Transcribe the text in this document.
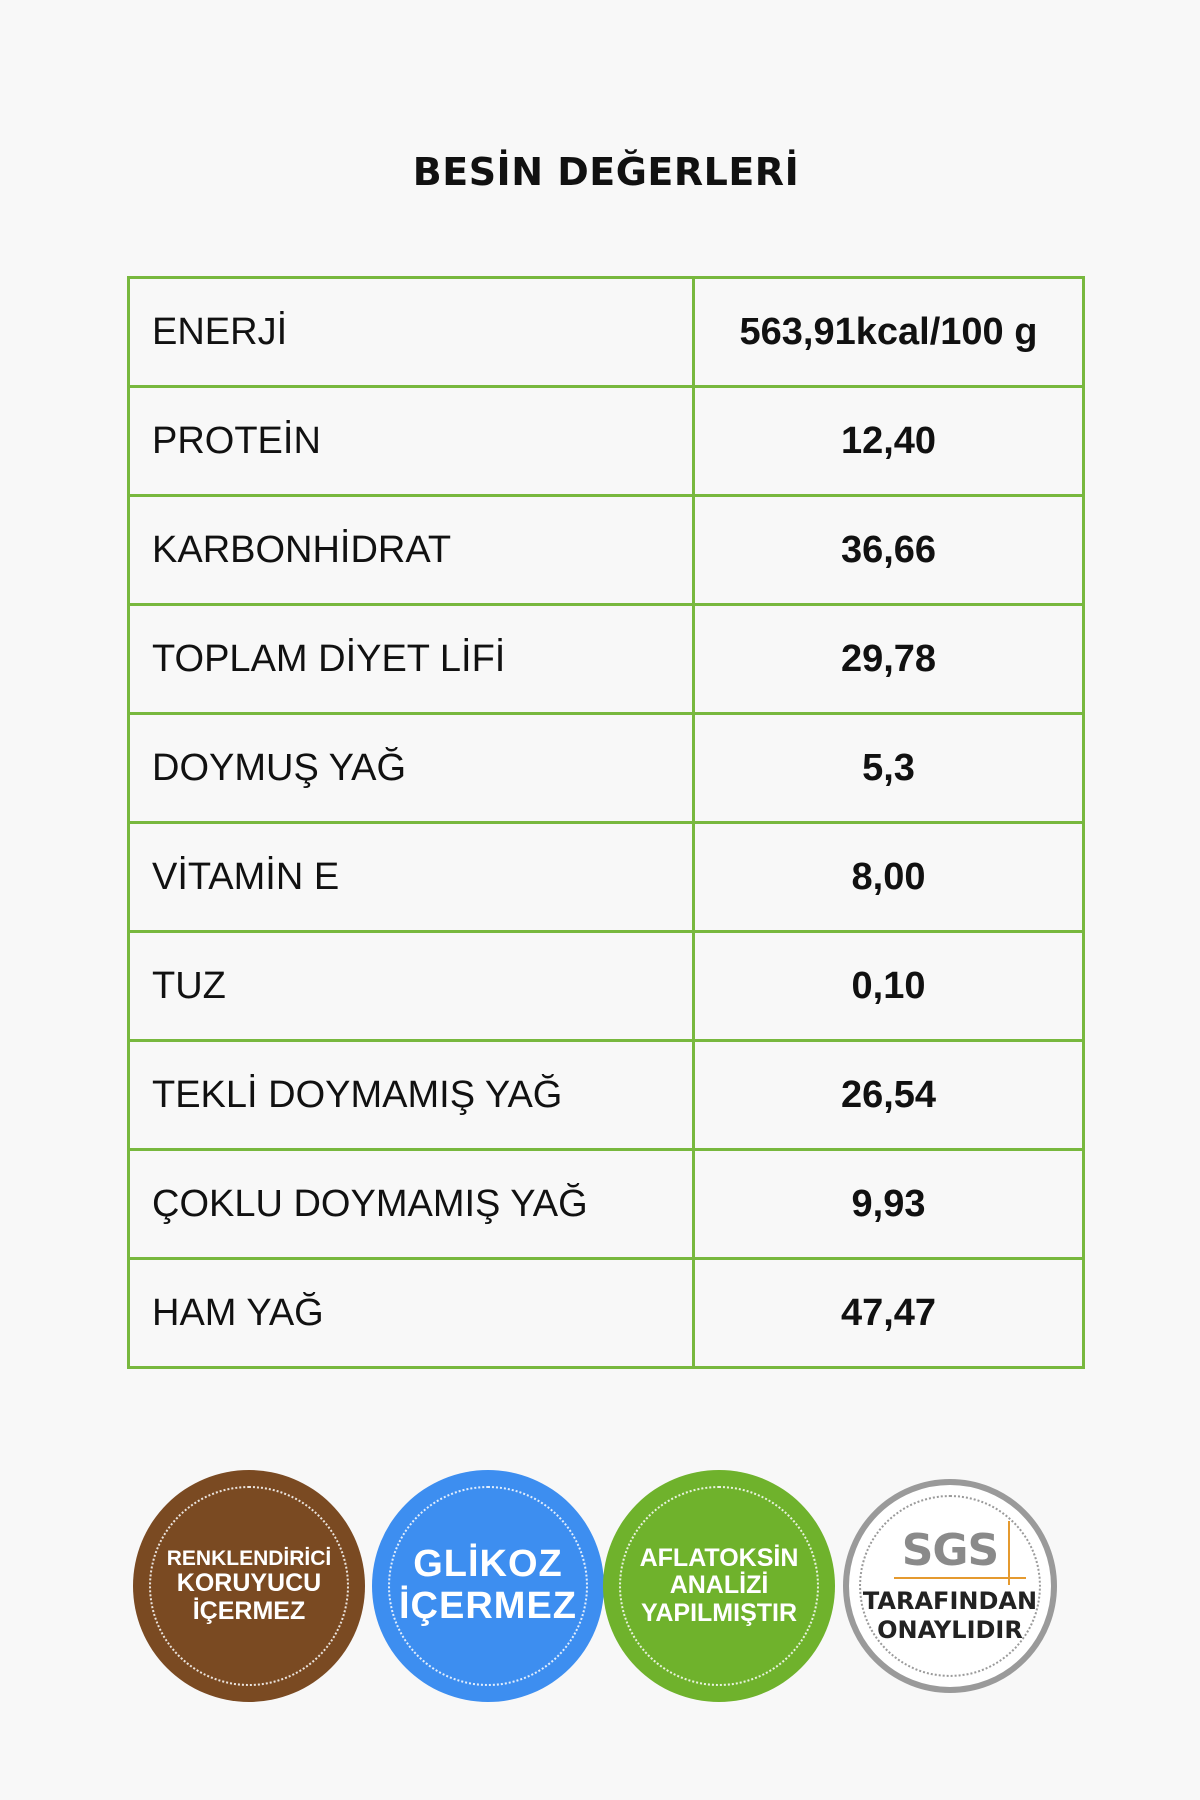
BESİN DEĞERLERİ
ENERJİ	563,91kcal/100 g
PROTEİN	12,40
KARBONHİDRAT	36,66
TOPLAM DİYET LİFİ	29,78
DOYMUŞ YAĞ	5,3
VİTAMİN E	8,00
TUZ	0,10
TEKLİ DOYMAMIŞ YAĞ	26,54
ÇOKLU DOYMAMIŞ YAĞ	9,93
HAM YAĞ	47,47
RENKLENDİRİCİ
KORUYUCU
İÇERMEZ
GLİKOZ
İÇERMEZ
AFLATOKSİN
ANALİZİ
YAPILMIŞTIR
SGS
TARAFINDAN
ONAYLIDIR
